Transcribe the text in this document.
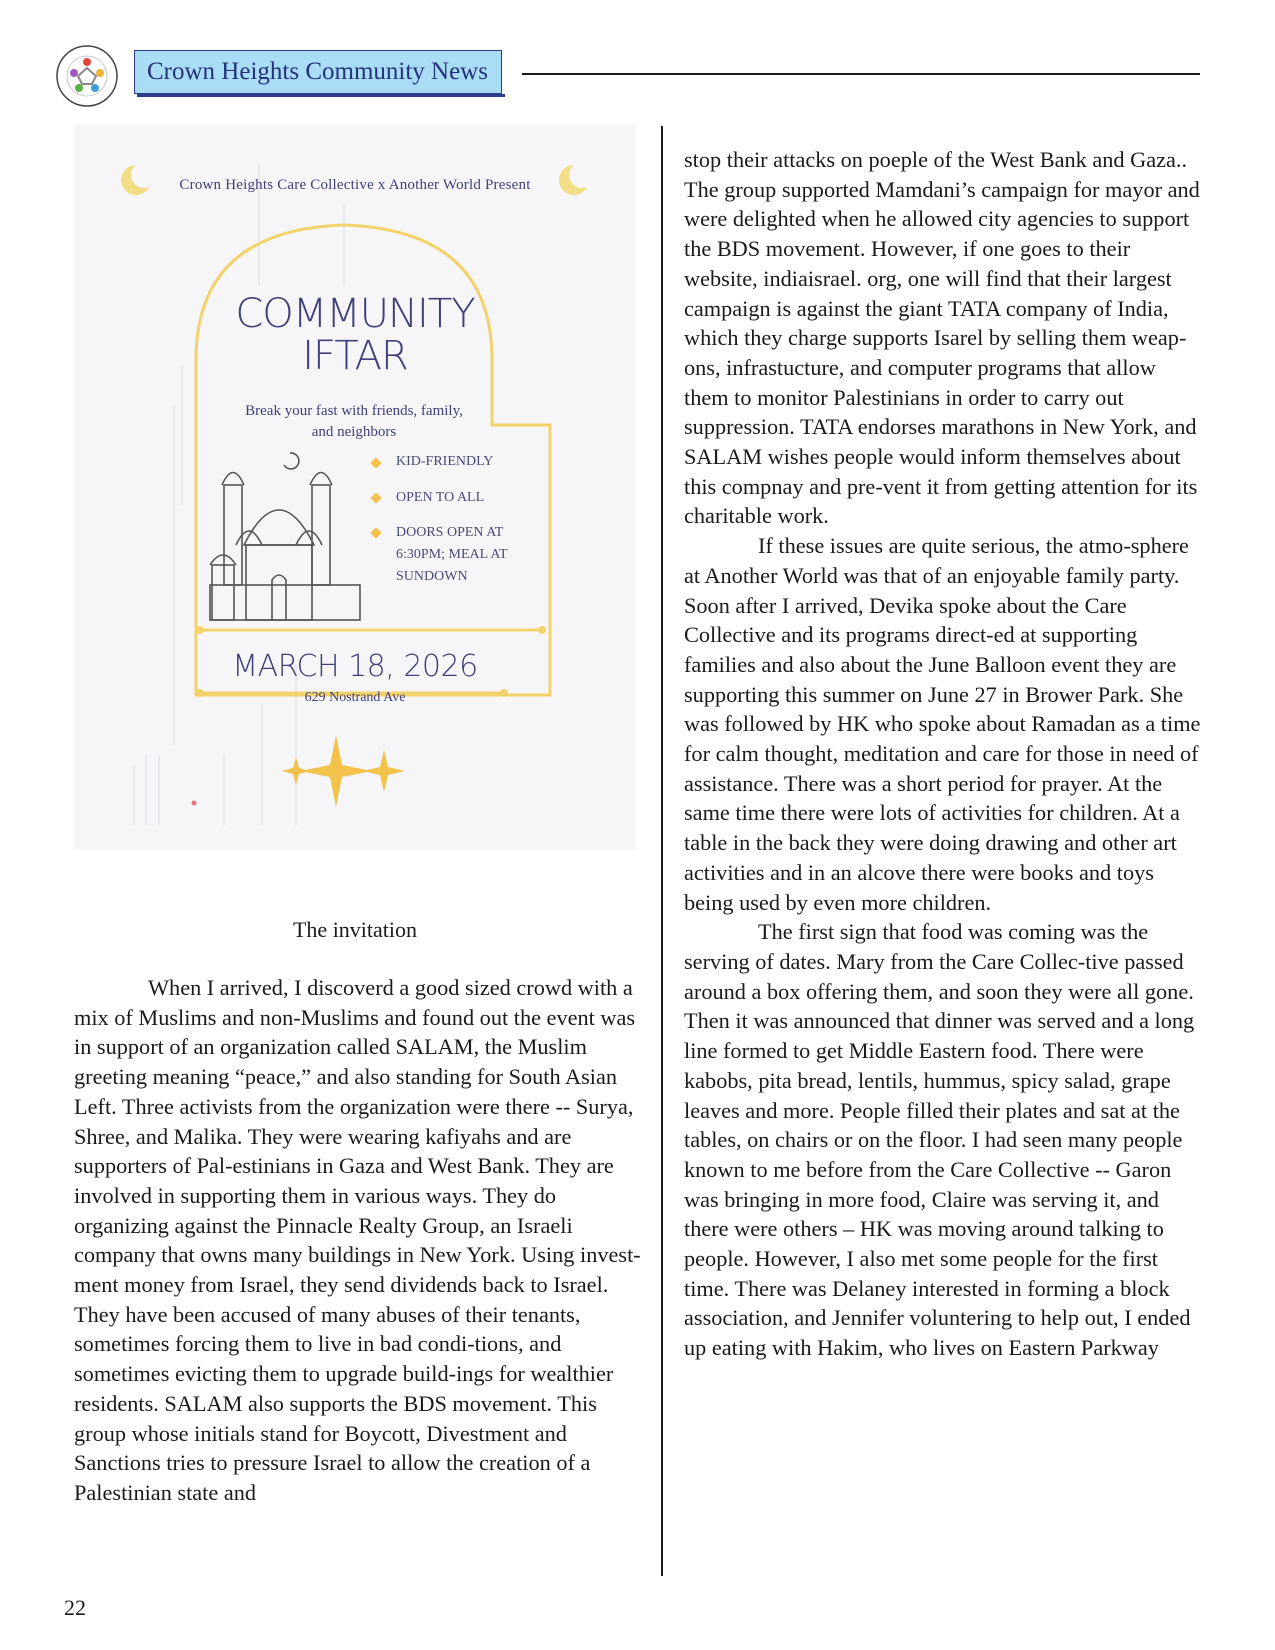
Crown Heights Community News
Crown Heights Care Collective x Another World Present
COMMUNITY
IFTAR
Break your fast with friends, family,
and neighbors
KID-FRIENDLY
OPEN TO ALL
DOORS OPEN AT
6:30PM; MEAL AT
SUNDOWN
MARCH 18, 2026
629 Nostrand Ave
The invitation

When I arrived, I discoverd a good sized crowd with a mix of Muslims and non-Muslims and found out the event was in support of an organization called SALAM, the Muslim greeting meaning “peace,” and also standing for South Asian Left. Three activists from the organization were there -- Surya, Shree, and Malika. They were wearing kafiyahs and are supporters of Pal-estinians in Gaza and West Bank. They are involved in supporting them in various ways. They do organizing against the Pinnacle Realty Group, an Israeli company that owns many buildings in New York. Using invest-ment money from Israel, they send dividends back to Israel. They have been accused of many abuses of their tenants, sometimes forcing them to live in bad condi-tions, and sometimes evicting them to upgrade build-ings for wealthier residents. SALAM also supports the BDS movement. This group whose initials stand for Boycott, Divestment and Sanctions tries to pressure Israel to allow the creation of a Palestinian state and

stop their attacks on poeple of the West Bank and Gaza.. The group supported Mamdani’s campaign for mayor and were delighted when he allowed city agencies to support the BDS movement. However, if one goes to their website, indiaisrael. org, one will find that their largest campaign is against the giant TATA company of India, which they charge supports Isarel by selling them weap-ons, infrastucture, and computer programs that allow them to monitor Palestinians in order to carry out suppression. TATA endorses marathons in New York, and SALAM wishes people would inform themselves about this compnay and pre-vent it from getting attention for its charitable work.

If these issues are quite serious, the atmo-sphere at Another World was that of an enjoyable family party. Soon after I arrived, Devika spoke about the Care Collective and its programs direct-ed at supporting families and also about the June Balloon event they are supporting this summer on June 27 in Brower Park. She was followed by HK who spoke about Ramadan as a time for calm thought, meditation and care for those in need of assistance. There was a short period for prayer. At the same time there were lots of activities for children. At a table in the back they were doing drawing and other art activities and in an alcove there were books and toys being used by even more children.

The first sign that food was coming was the serving of dates. Mary from the Care Collec-tive passed around a box offering them, and soon they were all gone. Then it was announced that dinner was served and a long line formed to get Middle Eastern food. There were kabobs, pita bread, lentils, hummus, spicy salad, grape leaves and more. People filled their plates and sat at the tables, on chairs or on the floor. I had seen many people known to me before from the Care Collective -- Garon was bringing in more food, Claire was serving it, and there were others – HK was moving around talking to people. However, I also met some people for the first time. There was Delaney interested in forming a block association, and Jennifer voluntering to help out, I ended up eating with Hakim, who lives on Eastern Parkway

22
